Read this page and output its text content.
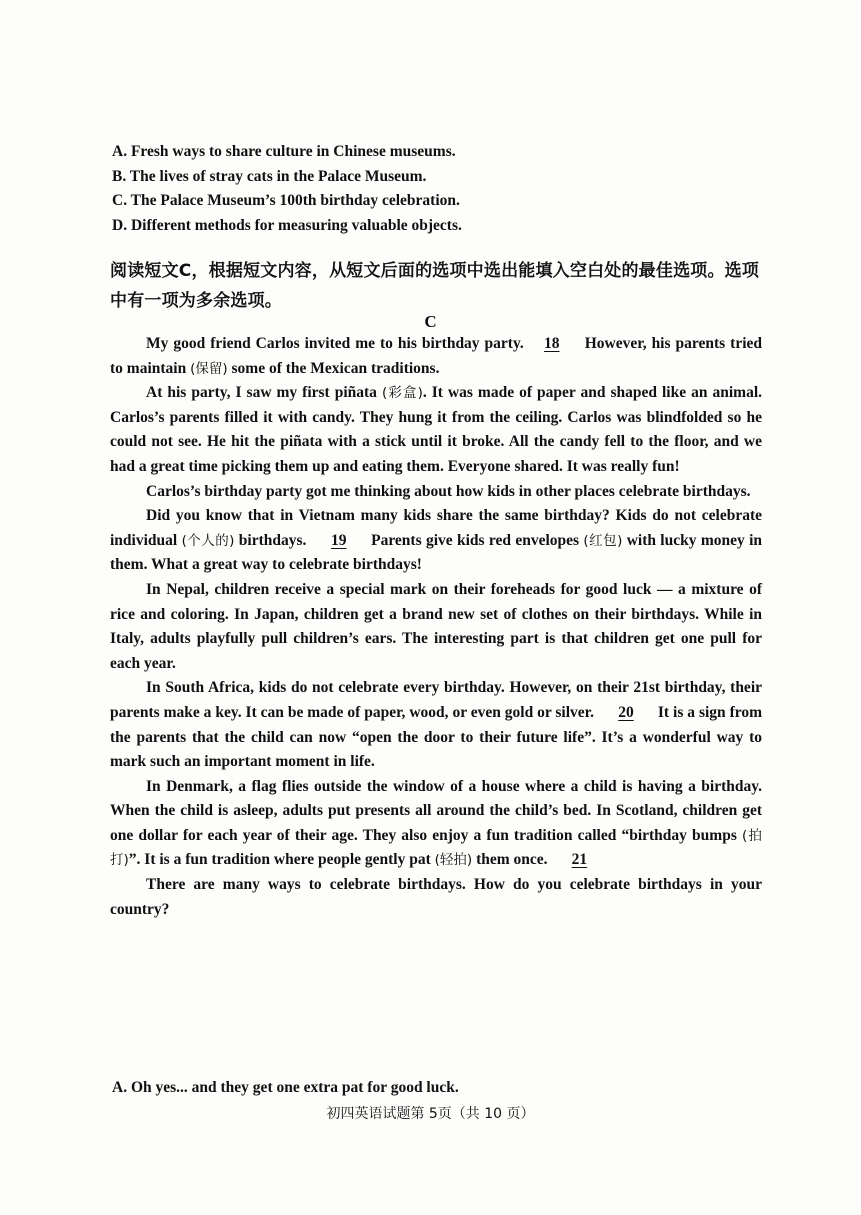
A. Fresh ways to share culture in Chinese museums.
B. The lives of stray cats in the Palace Museum.
C. The Palace Museum’s 100th birthday celebration.
D. Different methods for measuring valuable objects.
阅读短文C，根据短文内容，从短文后面的选项中选出能填入空白处的最佳选项。选项中有一项为多余选项。
C

My good friend Carlos invited me to his birthday party. 18 However, his parents tried to maintain (保留) some of the Mexican traditions.

At his party, I saw my first piñata (彩盒). It was made of paper and shaped like an animal. Carlos’s parents filled it with candy. They hung it from the ceiling. Carlos was blindfolded so he could not see. He hit the piñata with a stick until it broke. All the candy fell to the floor, and we had a great time picking them up and eating them. Everyone shared. It was really fun!

Carlos’s birthday party got me thinking about how kids in other places celebrate birthdays.

Did you know that in Vietnam many kids share the same birthday? Kids do not celebrate individual (个人的) birthdays. 19 Parents give kids red envelopes (红包) with lucky money in them. What a great way to celebrate birthdays!

In Nepal, children receive a special mark on their foreheads for good luck — a mixture of rice and coloring. In Japan, children get a brand new set of clothes on their birthdays. While in Italy, adults playfully pull children’s ears. The interesting part is that children get one pull for each year.

In South Africa, kids do not celebrate every birthday. However, on their 21st birthday, their parents make a key. It can be made of paper, wood, or even gold or silver. 20 It is a sign from the parents that the child can now “open the door to their future life”. It’s a wonderful way to mark such an important moment in life.

In Denmark, a flag flies outside the window of a house where a child is having a birthday. When the child is asleep, adults put presents all around the child’s bed. In Scotland, children get one dollar for each year of their age. They also enjoy a fun tradition called “birthday bumps (拍打)”. It is a fun tradition where people gently pat (轻拍) them once. 21

There are many ways to celebrate birthdays. How do you celebrate birthdays in your country?

A. Oh yes... and they get one extra pat for good luck.
初四英语试题第 5页（共 10 页）
